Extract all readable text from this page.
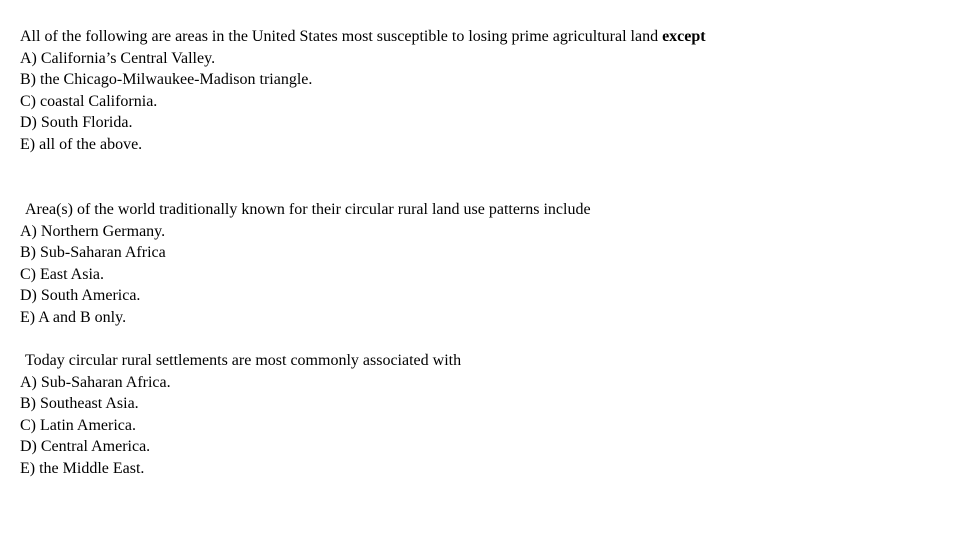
All of the following are areas in the United States most susceptible to losing prime agricultural land except
A) California’s Central Valley.
B) the Chicago-Milwaukee-Madison triangle.
C) coastal California.
D) South Florida.
E) all of the above.
Area(s) of the world traditionally known for their circular rural land use patterns include
A) Northern Germany.
B) Sub-Saharan Africa
C) East Asia.
D) South America.
E) A and B only.
Today circular rural settlements are most commonly associated with
A) Sub-Saharan Africa.
B) Southeast Asia.
C) Latin America.
D) Central America.
E) the Middle East.
